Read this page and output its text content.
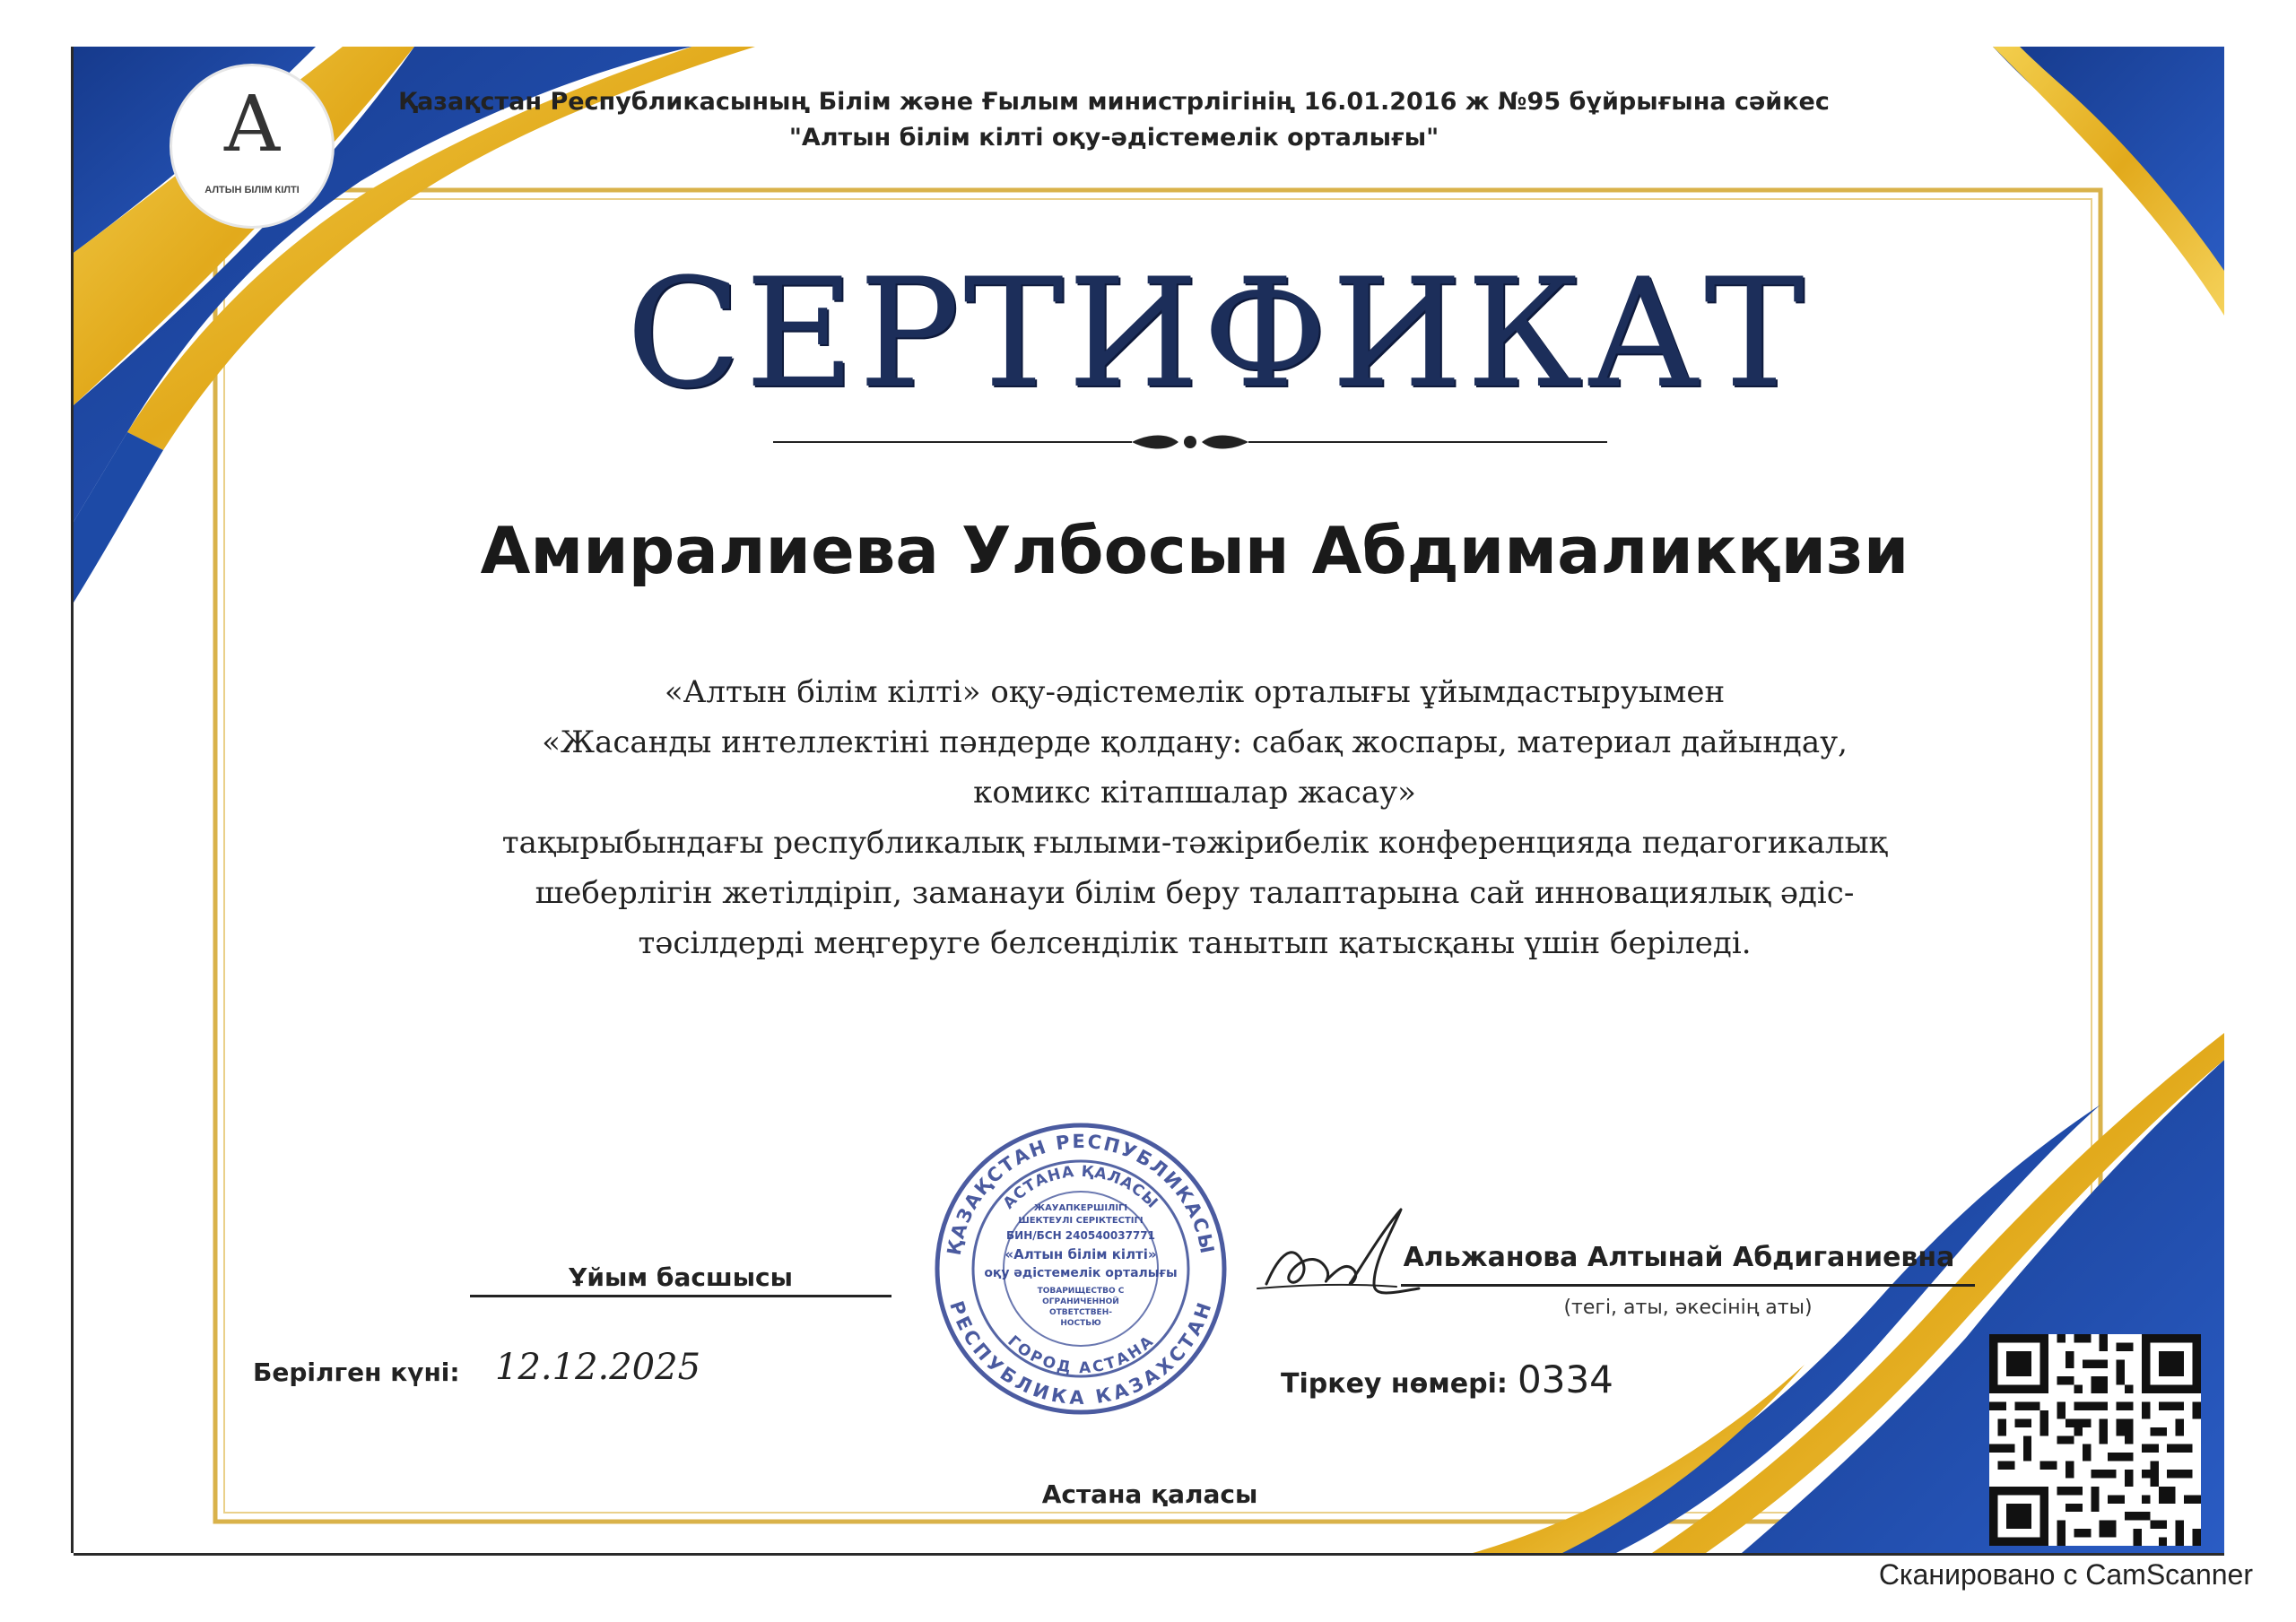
A
АЛТЫН БІЛІМ КІЛТІ
Қазақстан Республикасының Білім және Ғылым министрлігінің 16.01.2016 ж №95 бұйрығына сәйкес
"Алтын білім кілті оқу-әдістемелік орталығы"
СЕРТИФИКАТ
Амиралиева Улбосын Абдималикқизи
«Алтын білім кілті» оқу-әдістемелік орталығы ұйымдастыруымен
«Жасанды интеллектіні пәндерде қолдану: сабақ жоспары, материал дайындау,
комикс кітапшалар жасау»
тақырыбындағы республикалық ғылыми-тәжірибелік конференцияда педагогикалық
шеберлігін жетілдіріп, заманауи білім беру талаптарына сай инновациялық әдіс-
тәсілдерді меңгеруге белсенділік танытып қатысқаны үшін беріледі.
Ұйым басшысы
ҚАЗАҚСТАН РЕСПУБЛИКАСЫ
РЕСПУБЛИКА КАЗАХСТАН
АСТАНА ҚАЛАСЫ
ГОРОД АСТАНА
ЖАУАПКЕРШІЛІГІ
ШЕКТЕУЛІ СЕРІКТЕСТІГІ
БИН/БСН 240540037771
«Алтын білім кілті»
оқу әдістемелік орталығы
ТОВАРИЩЕСТВО С
ОГРАНИЧЕННОЙ
ОТВЕТСТВЕН-
НОСТЬЮ
Альжанова Алтынай Абдиганиевна
(тегі, аты, әкесінің аты)
Берілген күні: 12.12.2025	Тіркеу нөмері: 0334
Астана қаласы
Сканировано с CamScanner
